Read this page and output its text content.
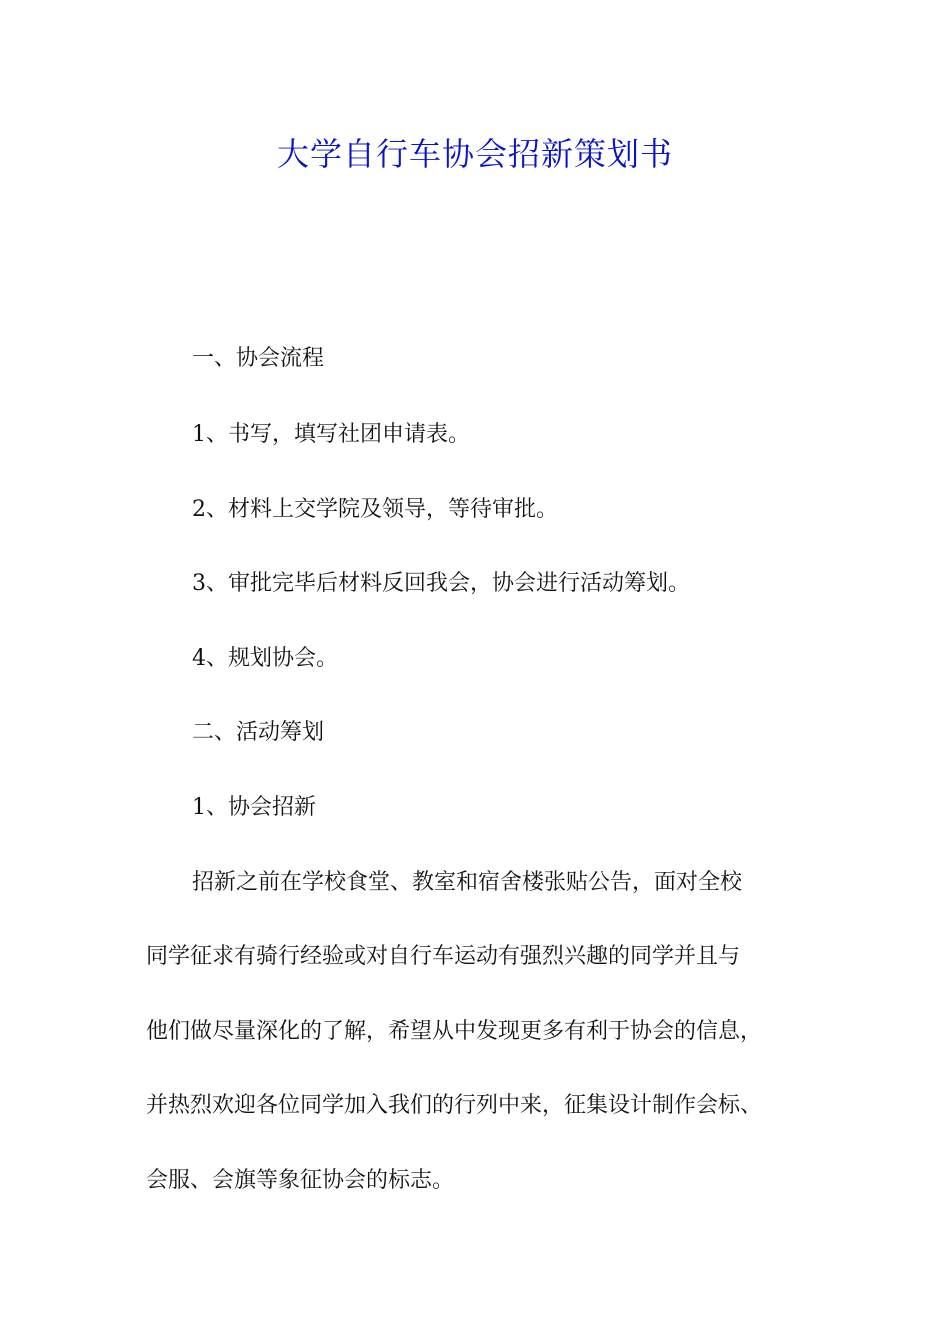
大学自行车协会招新策划书
一、协会流程
1、书写，填写社团申请表。
2、材料上交学院及领导，等待审批。
3、审批完毕后材料反回我会，协会进行活动筹划。
4、规划协会。
二、活动筹划
1、协会招新
招新之前在学校食堂、教室和宿舍楼张贴公告，面对全校
同学征求有骑行经验或对自行车运动有强烈兴趣的同学并且与
他们做尽量深化的了解，希望从中发现更多有利于协会的信息，
并热烈欢迎各位同学加入我们的行列中来，征集设计制作会标、
会服、会旗等象征协会的标志。
